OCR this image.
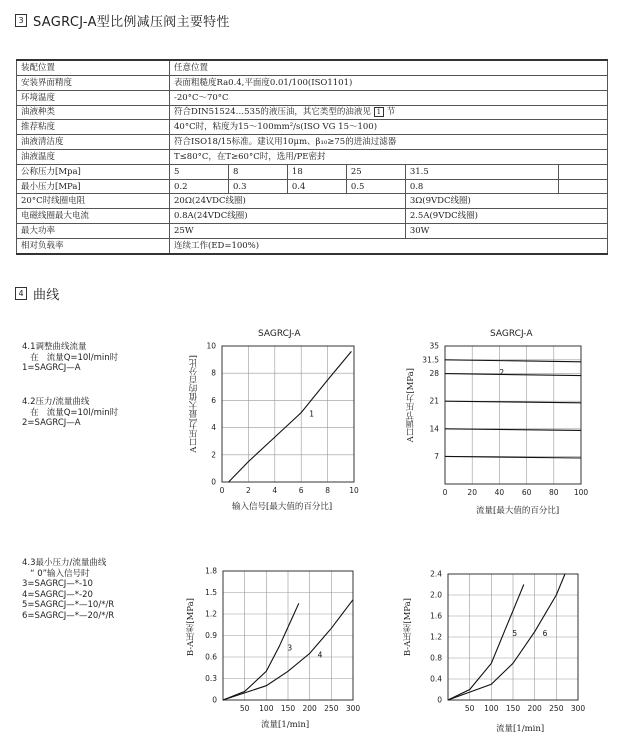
3 SAGRCJ-A型比例减压阀主要特性
装配位置	任意位置					
安装界面精度	表面粗糙度Ra0.4,平面度0.01/100(ISO1101)					
环境温度	-20°C～70°C					
油液种类	符合DIN51524…535的液压油，其它类型的油液见 1 节					
推荐粘度	40°C时，粘度为15～100mm²/s(ISO VG 15～100)					
油液清洁度	符合ISO18/15标准。建议用10μm、β₁₀≥75的进油过滤器					
油液温度	T≤80°C，在T≥60°C时，选用/PE密封					
公称压力[Mpa]	5	8	18	25	31.5	
最小压力[MPa]	0.2	0.3	0.4	0.5	0.8	
20°C时线圈电阻	20Ω(24VDC线圈)				3Ω(9VDC线圈)	
电磁线圈最大电流	0.8A(24VDC线圈)				2.5A(9VDC线圈)	
最大功率	25W				30W	
相对负载率	连续工作(ED=100%)					
4 曲线
4.1调整曲线流量
在   流量Q=10l/min时
1=SAGRCJ—A
4.2压力/流量曲线
在   流量Q=10l/min时
2=SAGRCJ—A
4.3最小压力/流量曲线
“ 0”输入信号时
3=SAGRCJ—*-10
4=SAGRCJ—*-20
5=SAGRCJ—*—10/*/R
6=SAGRCJ—*—20/*/R
SAGRCJ-A
A口压力[最大值的百分比]
输入信号[最大值的百分比]
0	2	4	6	8	10
0
2
4
6
8
10
1
SAGRCJ-A
A口调节压力[MPa]
流量[最大值的百分比]
0	20 40 60 80 100
7
14
21
28
31.5
35
2
B-A压差[MPa]
流量[1/min]
50 100 150 200 250 300
0
0.3
0.6
0.9
1.2
1.5
1.8
3
4	B-A压差[MPa]
流量[1/min]
50 100 150 200 250 300
0
0.4
0.8
1.2
1.6
2.0
2.4
5	6
